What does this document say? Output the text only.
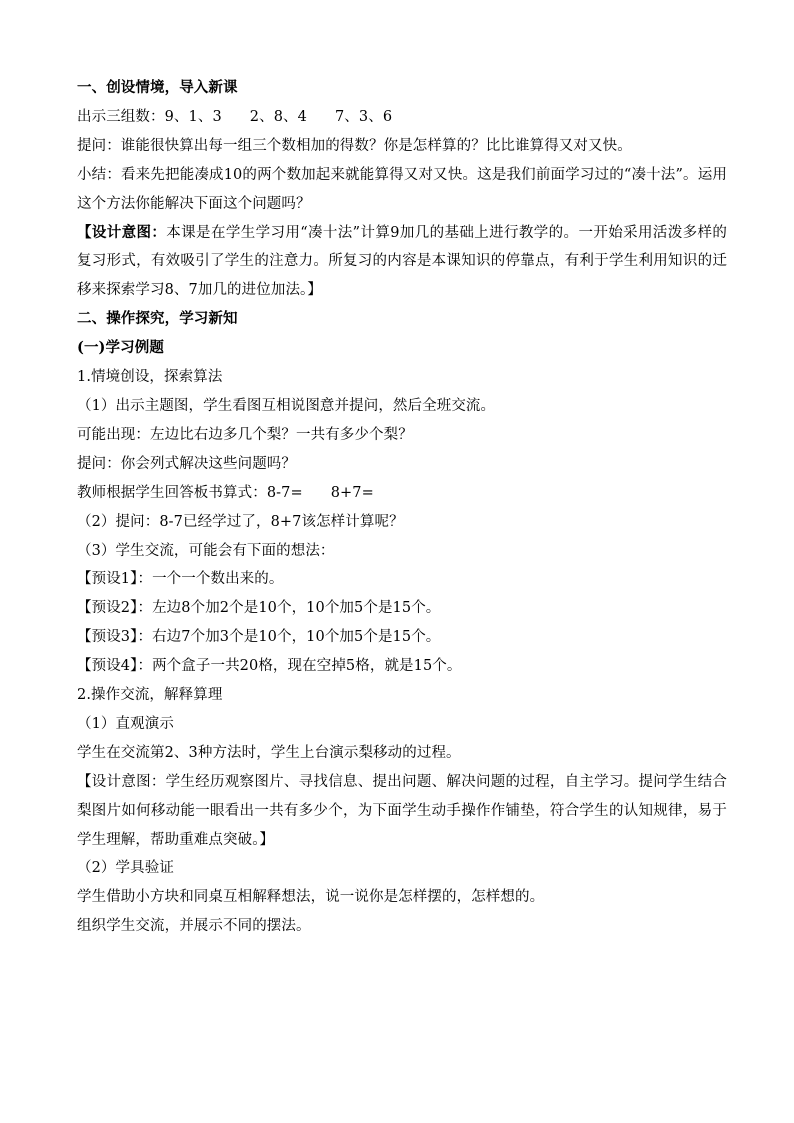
一、创设情境，导入新课
出示三组数：9、1、3 2、8、4 7、3、6
提问：谁能很快算出每一组三个数相加的得数？你是怎样算的？比比谁算得又对又快。
小结：看来先把能凑成10的两个数加起来就能算得又对又快。这是我们前面学习过的“凑十法”。运用这个方法你能解决下面这个问题吗？
【设计意图：本课是在学生学习用“凑十法”计算9加几的基础上进行教学的。一开始采用活泼多样的复习形式，有效吸引了学生的注意力。所复习的内容是本课知识的停靠点，有利于学生利用知识的迁移来探索学习8、7加几的进位加法。】
二、操作探究，学习新知
(一)学习例题
1.情境创设，探索算法
（1）出示主题图，学生看图互相说图意并提问，然后全班交流。
可能出现：左边比右边多几个梨？一共有多少个梨？
提问：你会列式解决这些问题吗？
教师根据学生回答板书算式：8-7= 8+7=
（2）提问：8-7已经学过了，8+7该怎样计算呢？
（3）学生交流，可能会有下面的想法：
【预设1】：一个一个数出来的。
【预设2】：左边8个加2个是10个，10个加5个是15个。
【预设3】：右边7个加3个是10个，10个加5个是15个。
【预设4】：两个盒子一共20格，现在空掉5格，就是15个。
2.操作交流，解释算理
（1）直观演示
学生在交流第2、3种方法时，学生上台演示梨移动的过程。
【设计意图：学生经历观察图片、寻找信息、提出问题、解决问题的过程，自主学习。提问学生结合梨图片如何移动能一眼看出一共有多少个，为下面学生动手操作作铺垫，符合学生的认知规律，易于学生理解，帮助重难点突破。】
（2）学具验证
学生借助小方块和同桌互相解释想法，说一说你是怎样摆的，怎样想的。
组织学生交流，并展示不同的摆法。
